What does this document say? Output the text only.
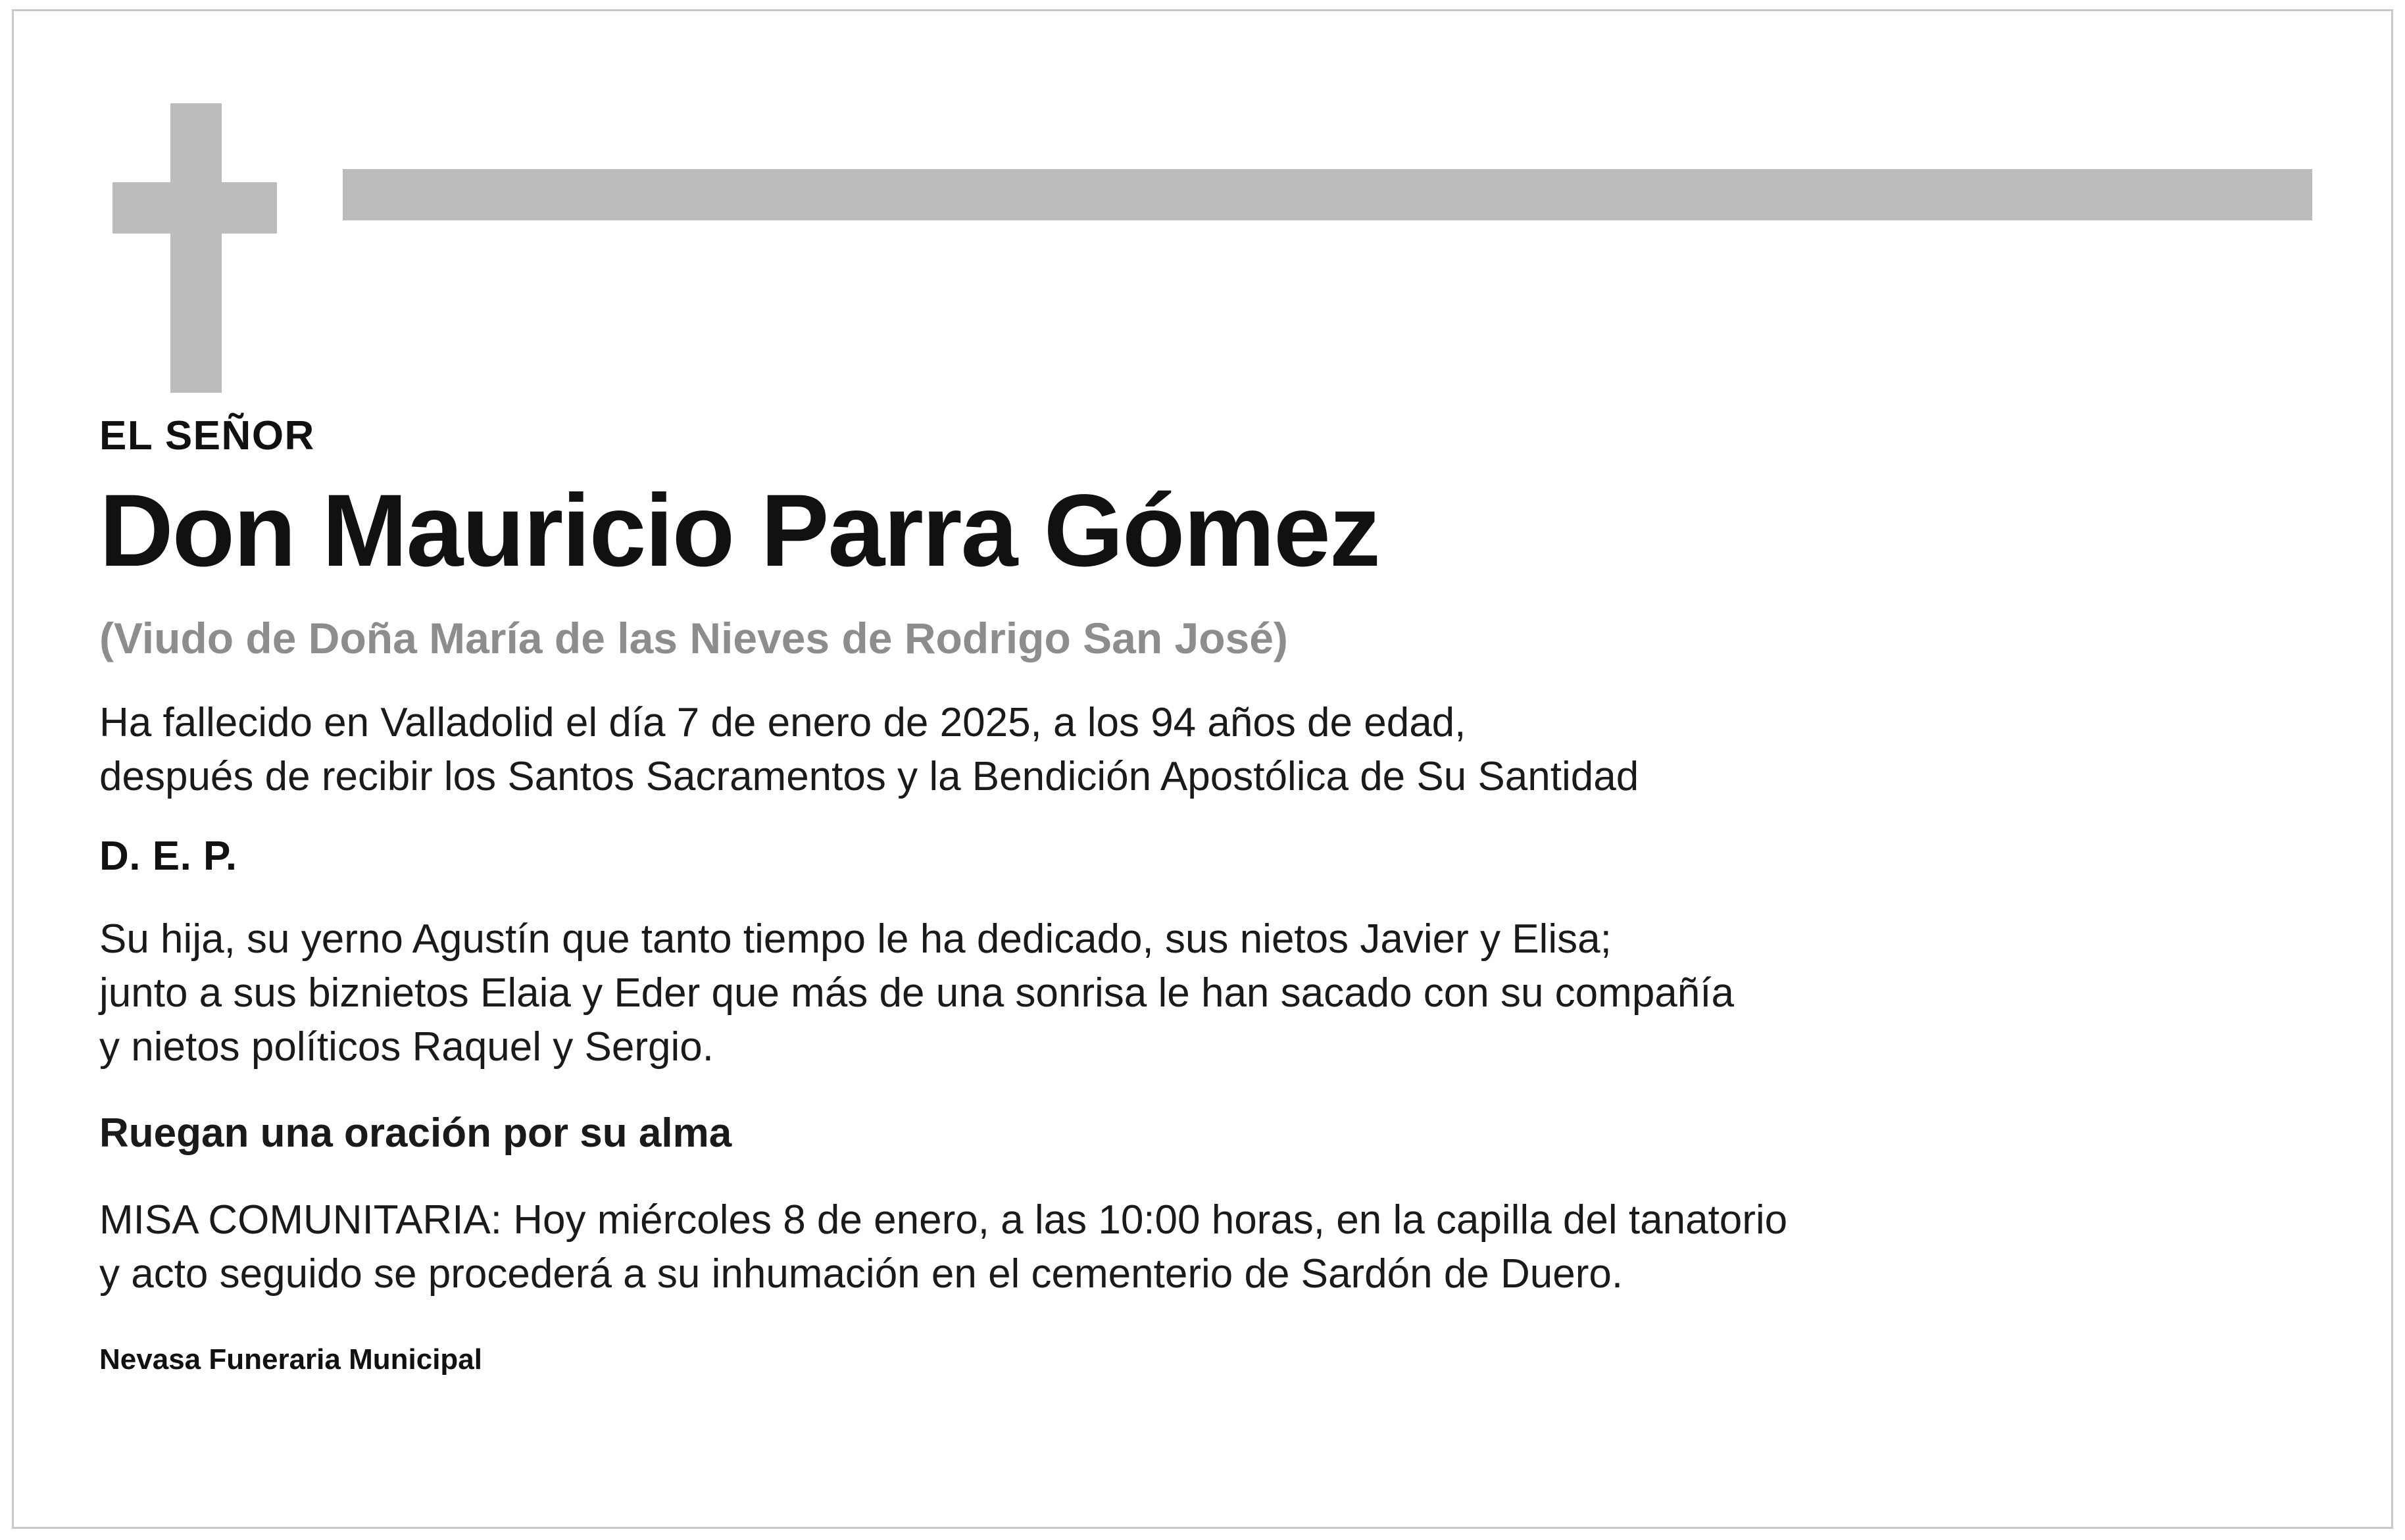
EL SEÑOR
Don Mauricio Parra Gómez
(Viudo de Doña María de las Nieves de Rodrigo San José)
Ha fallecido en Valladolid el día 7 de enero de 2025, a los 94 años de edad,
después de recibir los Santos Sacramentos y la Bendición Apostólica de Su Santidad
D. E. P.
Su hija, su yerno Agustín que tanto tiempo le ha dedicado, sus nietos Javier y Elisa;
junto a sus biznietos Elaia y Eder que más de una sonrisa le han sacado con su compañía
y nietos políticos Raquel y Sergio.
Ruegan una oración por su alma
MISA COMUNITARIA: Hoy miércoles 8 de enero, a las 10:00 horas, en la capilla del tanatorio
y acto seguido se procederá a su inhumación en el cementerio de Sardón de Duero.
Nevasa Funeraria Municipal
